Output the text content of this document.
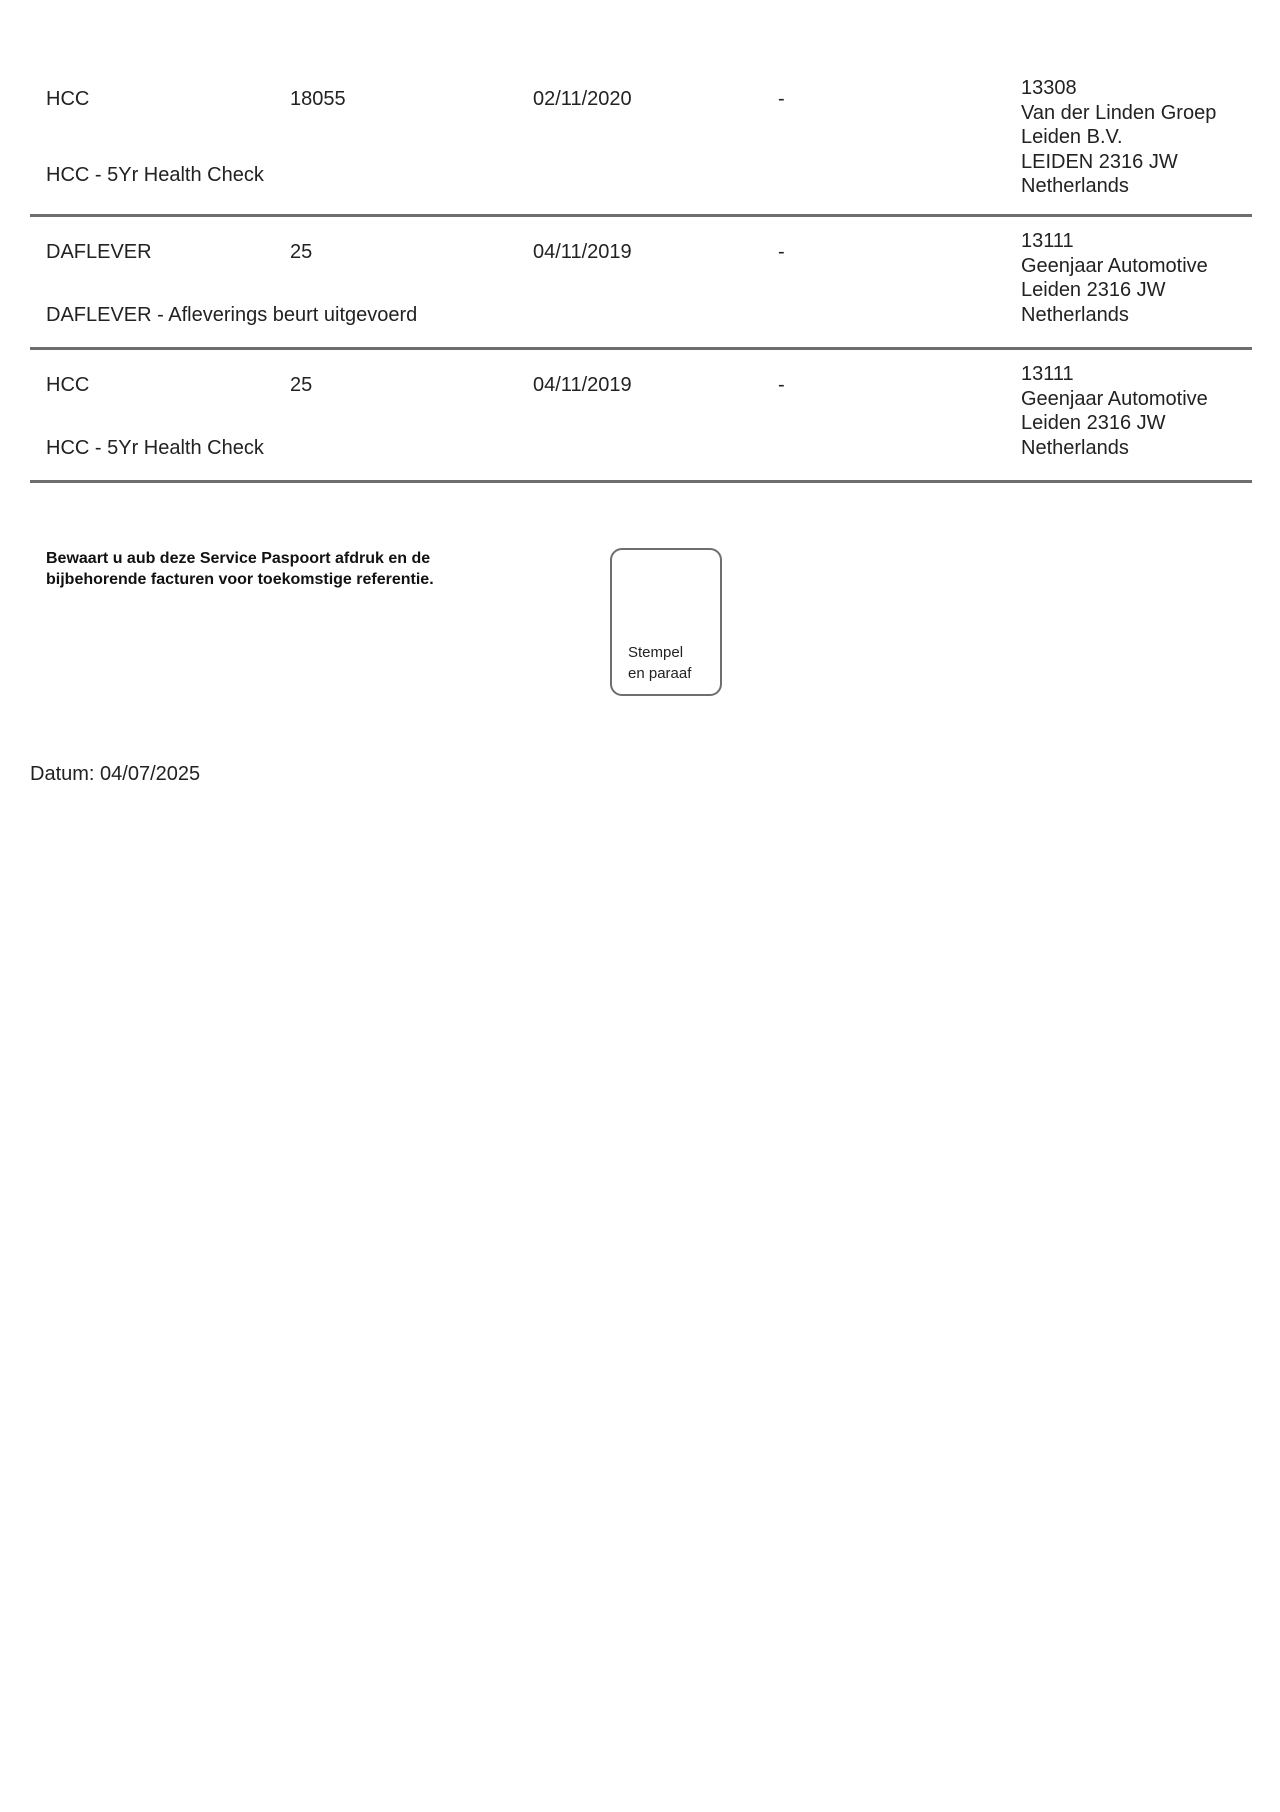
HCC	18055	02/11/2020	-
HCC - 5Yr Health Check
13308
Van der Linden Groep
Leiden B.V.
LEIDEN 2316 JW
Netherlands
DAFLEVER	25	04/11/2019	-
DAFLEVER - Afleverings beurt uitgevoerd
13111
Geenjaar Automotive
Leiden 2316 JW
Netherlands
HCC	25	04/11/2019	-
HCC - 5Yr Health Check
13111
Geenjaar Automotive
Leiden 2316 JW
Netherlands
Bewaart u aub deze Service Paspoort afdruk en de
bijbehorende facturen voor toekomstige referentie.
Stempel
en paraaf
Datum: 04/07/2025
